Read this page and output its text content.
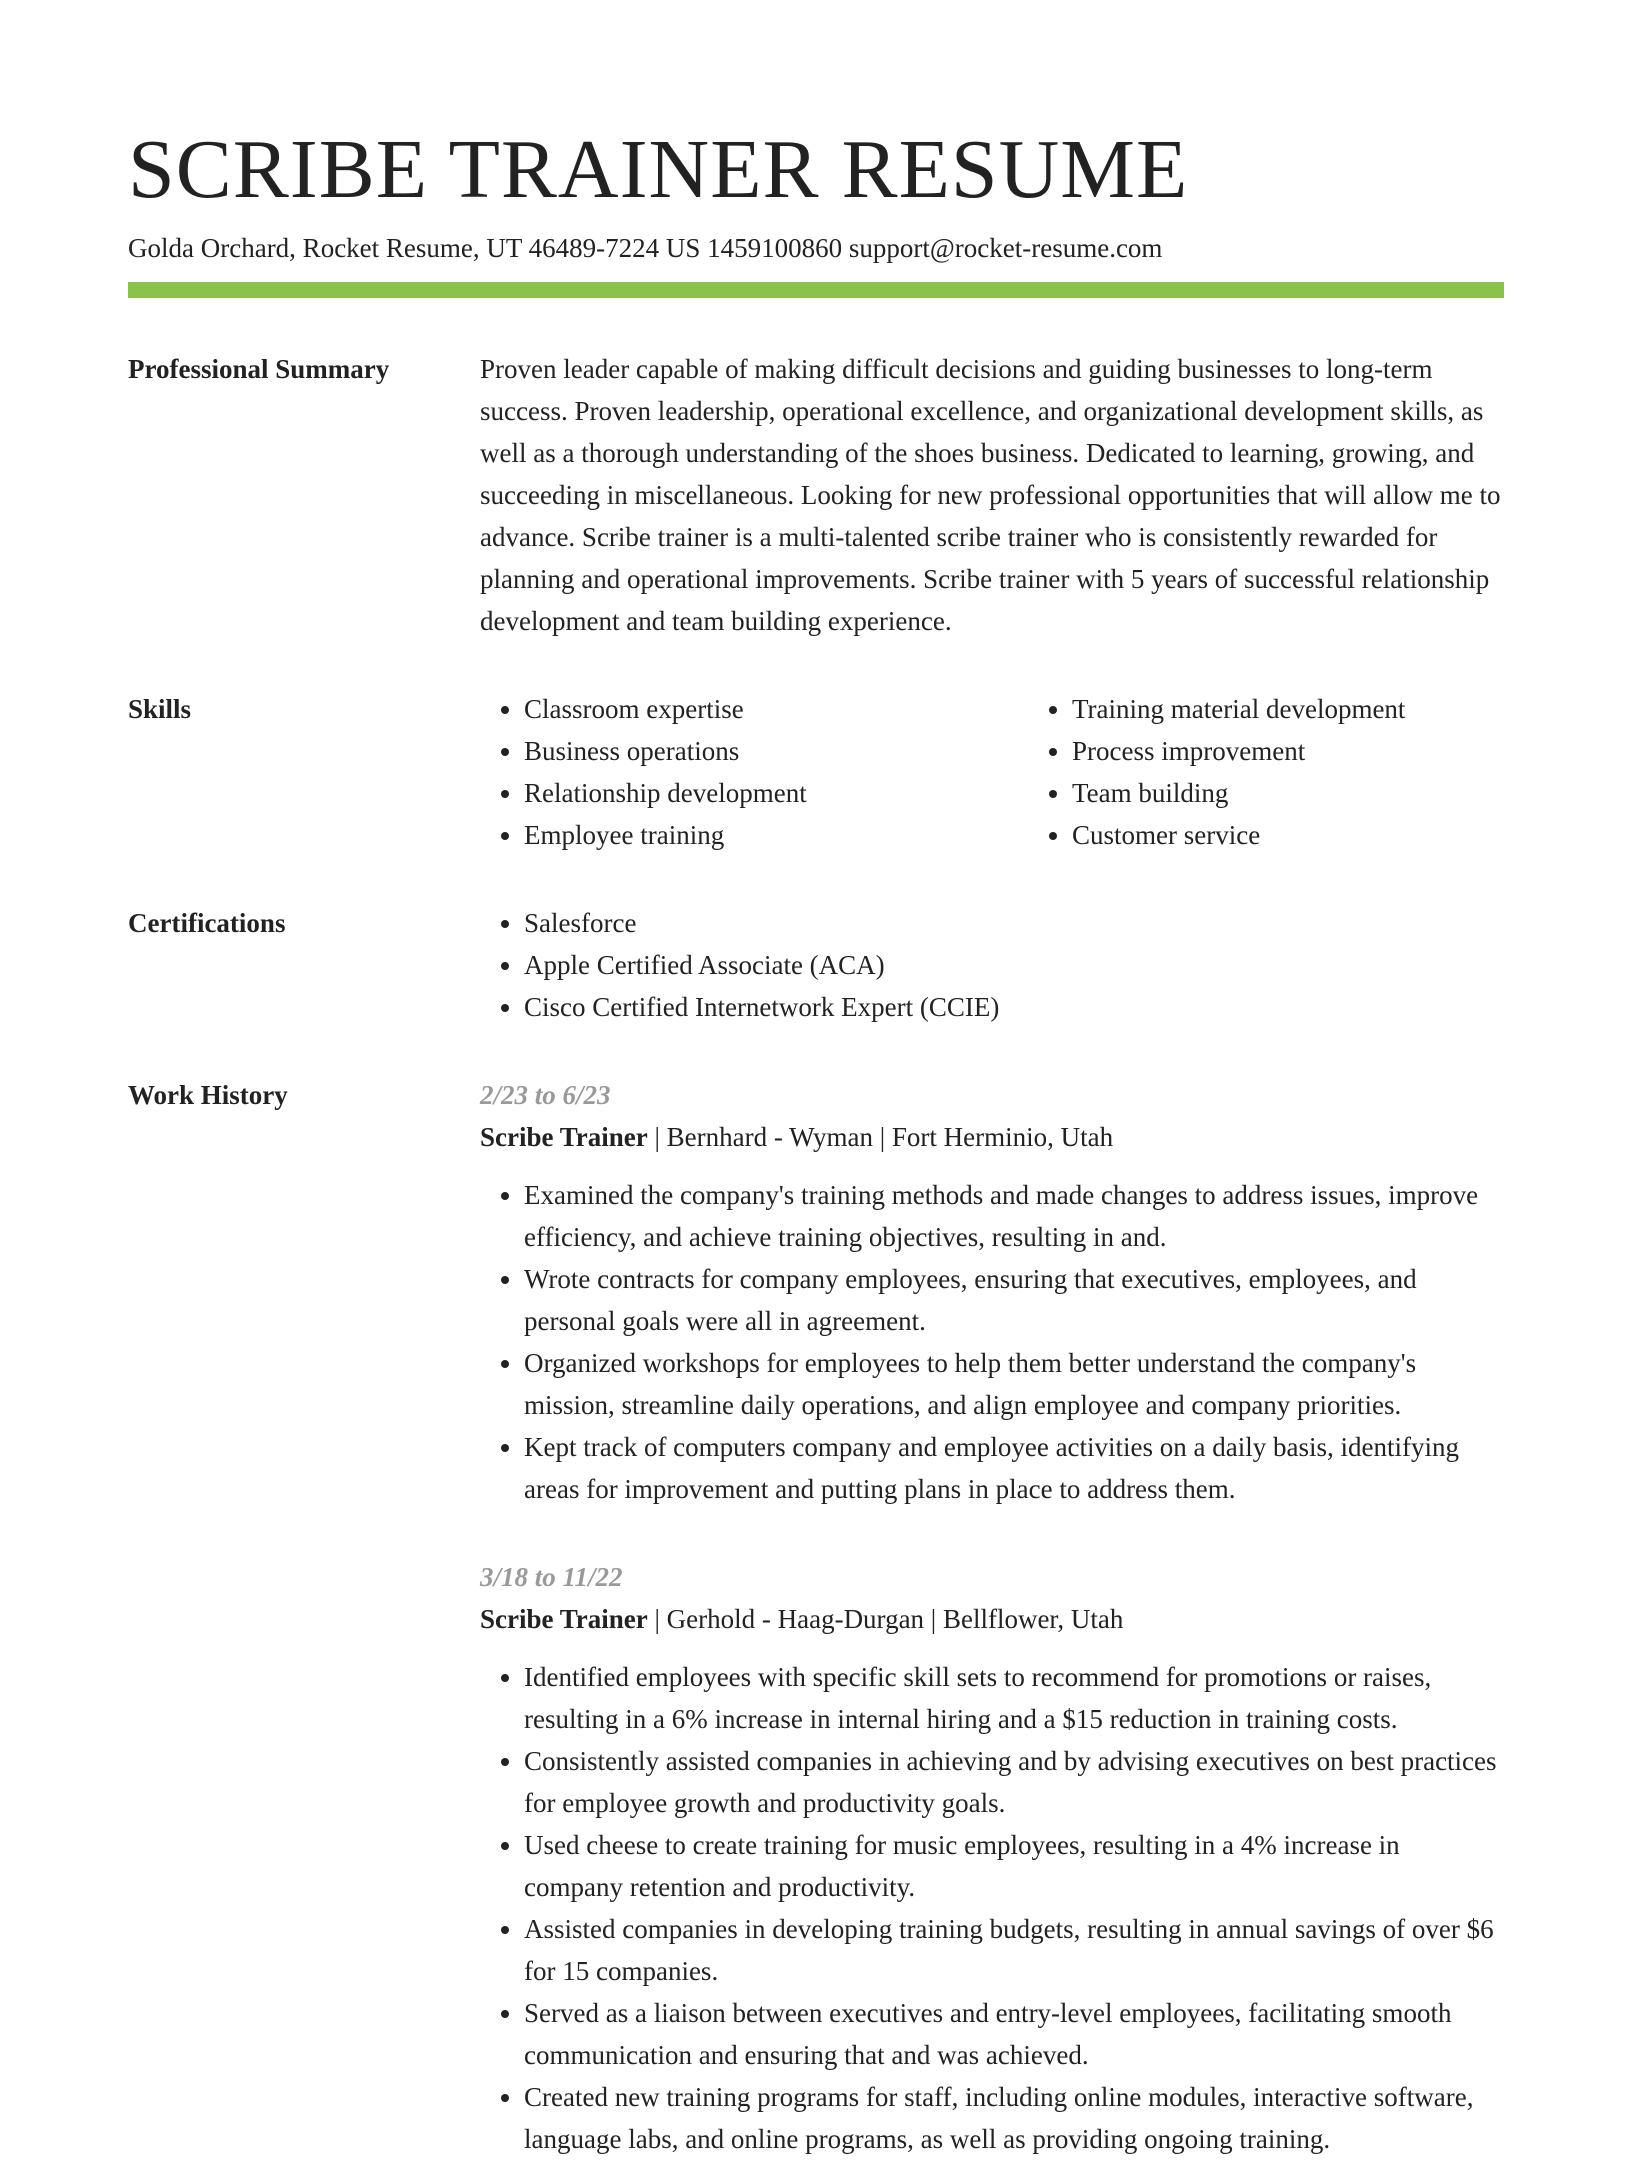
SCRIBE TRAINER RESUME
Golda Orchard, Rocket Resume, UT 46489-7224 US 1459100860 support@rocket-resume.com
Professional Summary	Proven leader capable of making difficult decisions and guiding businesses to long-term success. Proven leadership, operational excellence, and organizational development skills, as well as a thorough understanding of the shoes business. Dedicated to learning, growing, and succeeding in miscellaneous. Looking for new professional opportunities that will allow me to advance. Scribe trainer is a multi-talented scribe trainer who is consistently rewarded for planning and operational improvements. Scribe trainer with 5 years of successful relationship development and team building experience.

Skills	• Classroom expertise
• Business operations
• Relationship development
• Employee training
• Training material development
• Process improvement
• Team building
• Customer service
Certifications	• Salesforce
• Apple Certified Associate (ACA)
• Cisco Certified Internetwork Expert (CCIE)
Work History	2/23 to 6/23
Scribe Trainer | Bernhard - Wyman | Fort Herminio, Utah
• Examined the company's training methods and made changes to address issues, improve efficiency, and achieve training objectives, resulting in and.
• Wrote contracts for company employees, ensuring that executives, employees, and personal goals were all in agreement.
• Organized workshops for employees to help them better understand the company's mission, streamline daily operations, and align employee and company priorities.
• Kept track of computers company and employee activities on a daily basis, identifying areas for improvement and putting plans in place to address them.
3/18 to 11/22
Scribe Trainer | Gerhold - Haag-Durgan | Bellflower, Utah
• Identified employees with specific skill sets to recommend for promotions or raises, resulting in a 6% increase in internal hiring and a $15 reduction in training costs.
• Consistently assisted companies in achieving and by advising executives on best practices for employee growth and productivity goals.
• Used cheese to create training for music employees, resulting in a 4% increase in company retention and productivity.
• Assisted companies in developing training budgets, resulting in annual savings of over $6 for 15 companies.
• Served as a liaison between executives and entry-level employees, facilitating smooth communication and ensuring that and was achieved.
• Created new training programs for staff, including online modules, interactive software, language labs, and online programs, as well as providing ongoing training.
